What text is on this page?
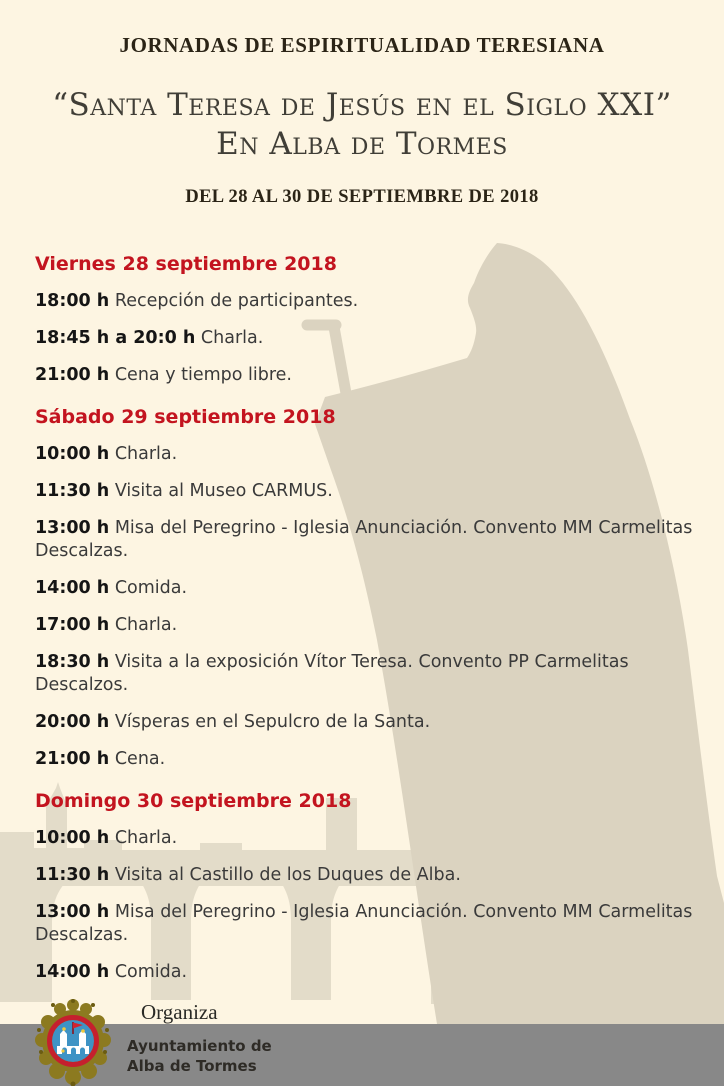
JORNADAS DE ESPIRITUALIDAD TERESIANA
“Santa Teresa de Jesús en el Siglo XXI”
En Alba de Tormes
DEL 28 AL 30 DE SEPTIEMBRE DE 2018
Viernes 28 septiembre 2018

18:00 h Recepción de participantes.

18:45 h a 20:0 h Charla.

21:00 h Cena y tiempo libre.

Sábado 29 septiembre 2018

10:00 h Charla.

11:30 h Visita al Museo CARMUS.

13:00 h Misa del Peregrino - Iglesia Anunciación. Convento MM Carmelitas Descalzas.

14:00 h Comida.

17:00 h Charla.

18:30 h Visita a la exposición Vítor Teresa. Convento PP Carmelitas Descalzos.

20:00 h Vísperas en el Sepulcro de la Santa.

21:00 h Cena.

Domingo 30 septiembre 2018

10:00 h Charla.

11:30 h Visita al Castillo de los Duques de Alba.

13:00 h Misa del Peregrino - Iglesia Anunciación. Convento MM Carmelitas Descalzas.

14:00 h Comida.

Organiza
Ayuntamiento de
Alba de Tormes
